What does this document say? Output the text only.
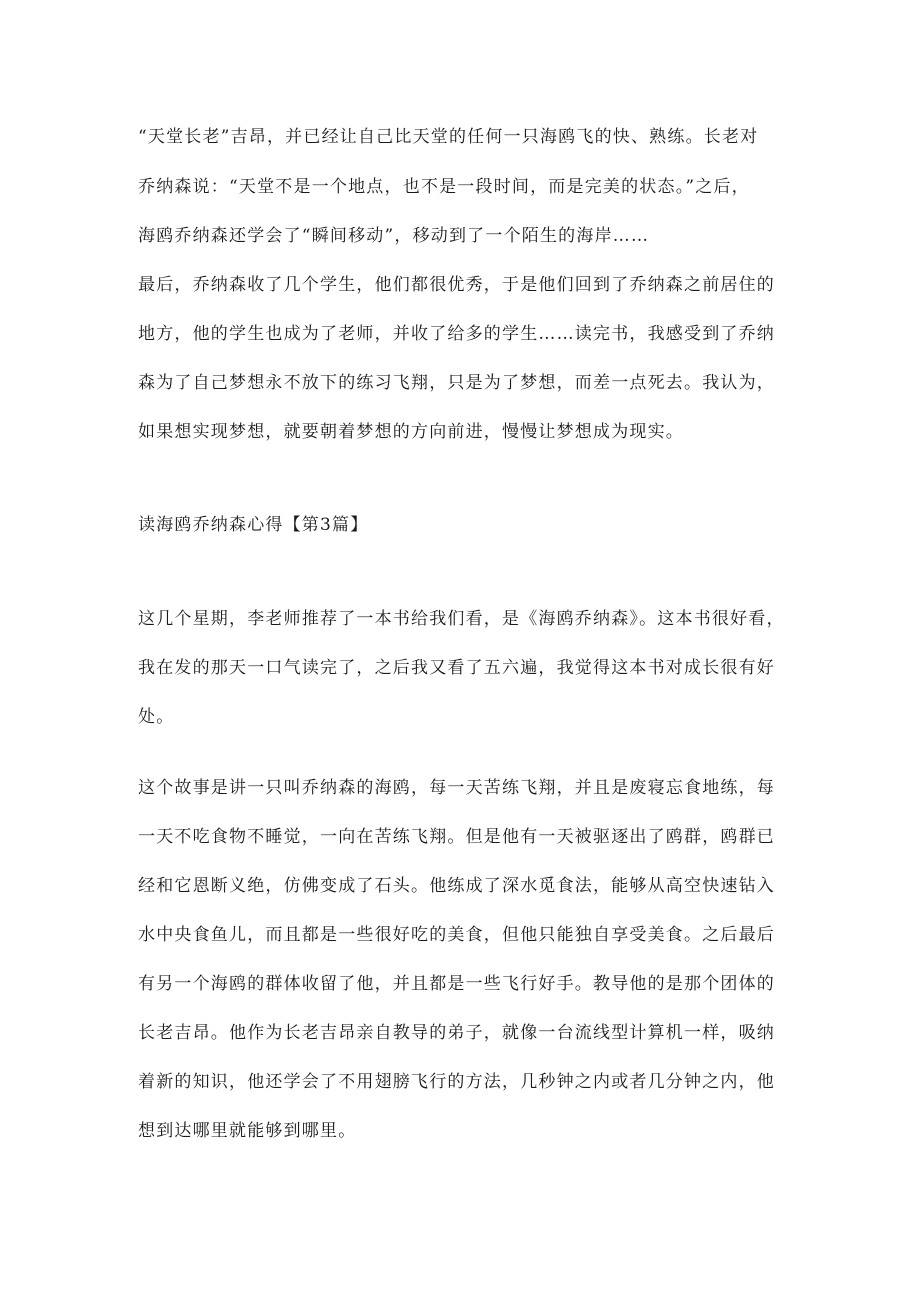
“天堂长老”吉昂，并已经让自己比天堂的任何一只海鸥飞的快、熟练。长老对
乔纳森说：“天堂不是一个地点，也不是一段时间，而是完美的状态。”之后，
海鸥乔纳森还学会了“瞬间移动”，移动到了一个陌生的海岸……
最后，乔纳森收了几个学生，他们都很优秀，于是他们回到了乔纳森之前居住的
地方，他的学生也成为了老师，并收了给多的学生……读完书，我感受到了乔纳
森为了自己梦想永不放下的练习飞翔，只是为了梦想，而差一点死去。我认为，
如果想实现梦想，就要朝着梦想的方向前进，慢慢让梦想成为现实。
读海鸥乔纳森心得【第3篇】
这几个星期，李老师推荐了一本书给我们看，是《海鸥乔纳森》。这本书很好看，
我在发的那天一口气读完了，之后我又看了五六遍，我觉得这本书对成长很有好
处。
这个故事是讲一只叫乔纳森的海鸥，每一天苦练飞翔，并且是废寝忘食地练，每
一天不吃食物不睡觉，一向在苦练飞翔。但是他有一天被驱逐出了鸥群，鸥群已
经和它恩断义绝，仿佛变成了石头。他练成了深水觅食法，能够从高空快速钻入
水中央食鱼儿，而且都是一些很好吃的美食，但他只能独自享受美食。之后最后
有另一个海鸥的群体收留了他，并且都是一些飞行好手。教导他的是那个团体的
长老吉昂。他作为长老吉昂亲自教导的弟子，就像一台流线型计算机一样，吸纳
着新的知识，他还学会了不用翅膀飞行的方法，几秒钟之内或者几分钟之内，他
想到达哪里就能够到哪里。
